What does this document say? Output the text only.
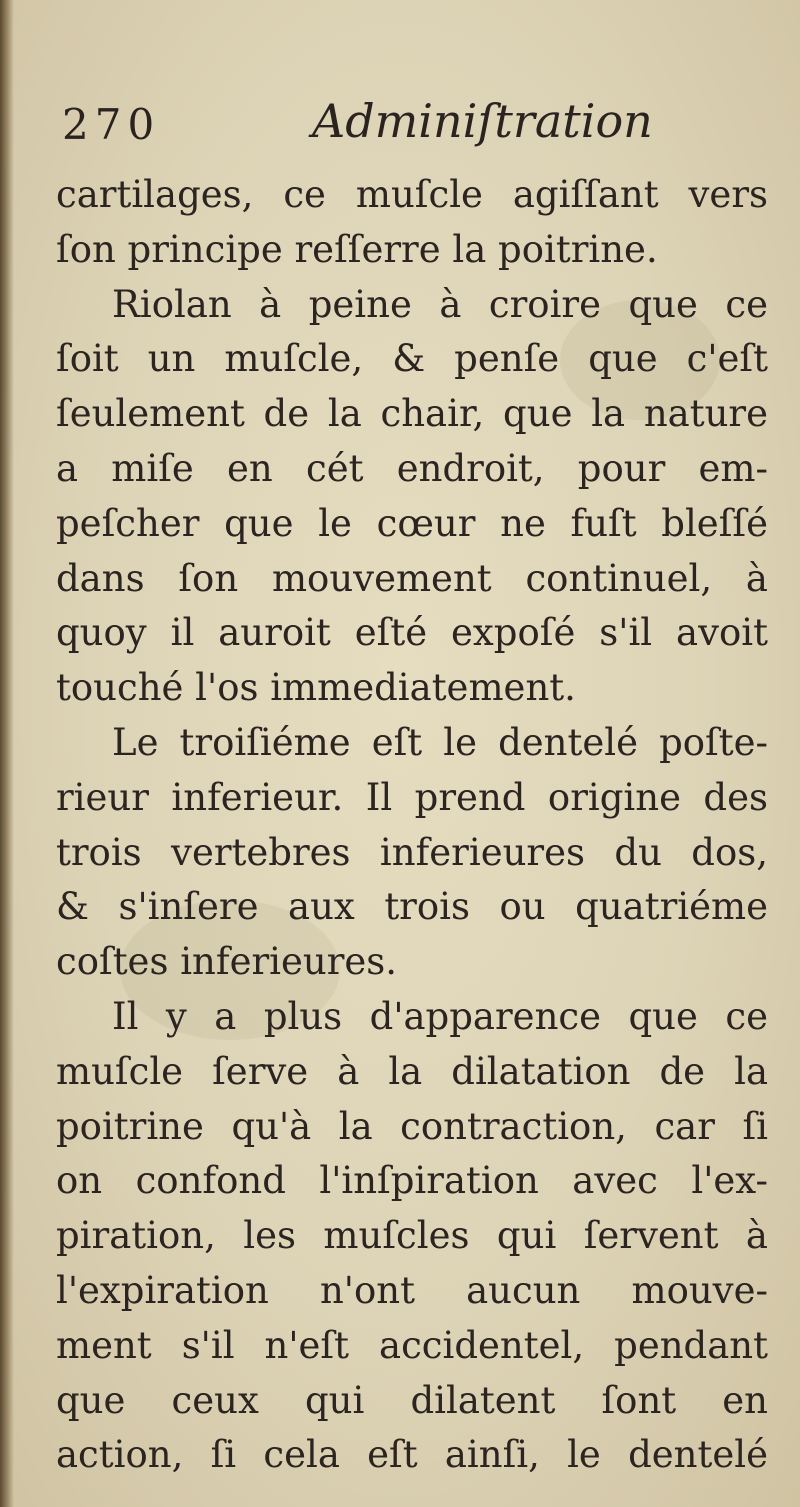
270	Adminiſtration
cartilages, ce muſcle agiſſant vers
ſon principe reſſerre la poitrine.
Riolan à peine à croire que ce
ſoit un muſcle, & penſe que c'eſt
ſeulement de la chair, que la nature
a miſe en cét endroit, pour em-
peſcher que le cœur ne fuſt bleſſé
dans ſon mouvement continuel, à
quoy il auroit eſté expoſé s'il avoit
touché l'os immediatement.
Le troiſiéme eſt le dentelé poſte-
rieur inferieur. Il prend origine des
trois vertebres inferieures du dos,
& s'inſere aux trois ou quatriéme
coſtes inferieures.
Il y a plus d'apparence que ce
muſcle ſerve à la dilatation de la
poitrine qu'à la contraction, car ſi
on confond l'inſpiration avec l'ex-
piration, les muſcles qui ſervent à
l'expiration n'ont aucun mouve-
ment s'il n'eſt accidentel, pendant
que ceux qui dilatent ſont en
action, ſi cela eſt ainſi, le dentelé
